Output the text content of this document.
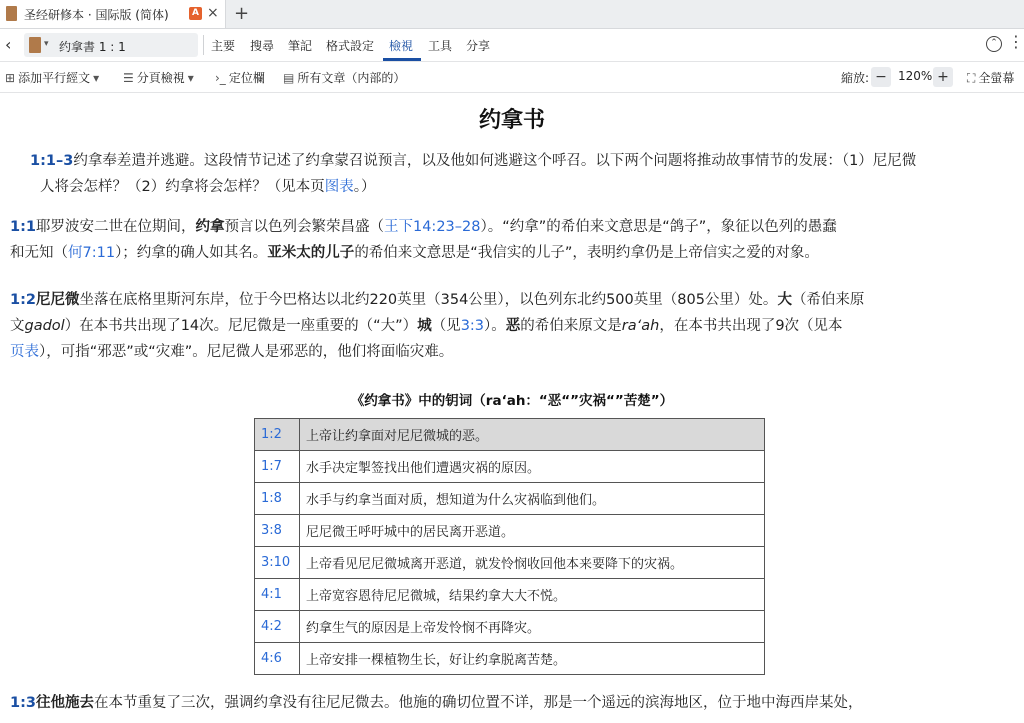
圣经研修本 · 国际版 (简体)	A × +
‹	▾ 约拿書 1 : 1	主要 搜尋 筆記 格式設定 檢視 工具 分享	⌃ ⋮
⊞ 添加平行經文 ▾ ☰ 分頁檢視 ▾ ›_ 定位欄 ▤ 所有文章（内部的）	縮放: − 120% +	⛶ 全螢幕
约拿书
1:1–3约拿奉差遣并逃避。这段情节记述了约拿蒙召说预言，以及他如何逃避这个呼召。以下两个问题将推动故事情节的发展：（1）尼尼微
人将会怎样？（2）约拿将会怎样？（见本页图表。）
1:1耶罗波安二世在位期间，约拿预言以色列会繁荣昌盛（王下14:23–28）。“约拿”的希伯来文意思是“鸽子”，象征以色列的愚蠢
和无知（何7:11）；约拿的确人如其名。亚米太的儿子的希伯来文意思是“我信实的儿子”，表明约拿仍是上帝信实之爱的对象。
1:2尼尼微坐落在底格里斯河东岸，位于今巴格达以北约220英里（354公里），以色列东北约500英里（805公里）处。大（希伯来原
文gadol）在本书共出现了14次。尼尼微是一座重要的（“大”）城（见3:3）。恶的希伯来原文是ra‘ah，在本书共出现了9次（见本
页表），可指“邪恶”或“灾难”。尼尼微人是邪恶的，他们将面临灾难。
《约拿书》中的钥词（ra‘ah：“恶“”灾祸“”苦楚”）
1:2	上帝让约拿面对尼尼微城的恶。
1:7	水手决定掣签找出他们遭遇灾祸的原因。
1:8	水手与约拿当面对质，想知道为什么灾祸临到他们。
3:8	尼尼微王呼吁城中的居民离开恶道。
3:10	上帝看见尼尼微城离开恶道，就发怜悯收回他本来要降下的灾祸。
4:1	上帝宽容恩待尼尼微城，结果约拿大大不悦。
4:2	约拿生气的原因是上帝发怜悯不再降灾。
4:6	上帝安排一棵植物生长，好让约拿脱离苦楚。
1:3往他施去在本节重复了三次，强调约拿没有往尼尼微去。他施的确切位置不详，那是一个遥远的滨海地区，位于地中海西岸某处，
